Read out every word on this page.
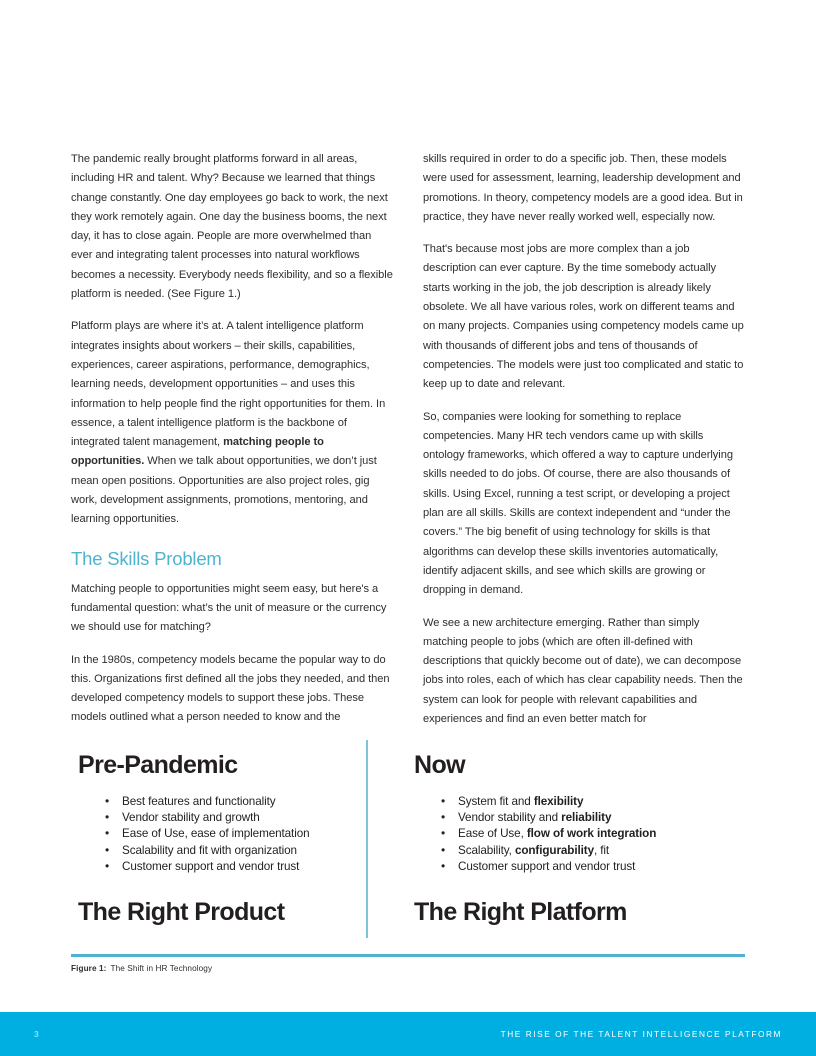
The pandemic really brought platforms forward in all areas, including HR and talent. Why? Because we learned that things change constantly. One day employees go back to work, the next they work remotely again. One day the business booms, the next day, it has to close again. People are more overwhelmed than ever and integrating talent processes into natural workflows becomes a necessity. Everybody needs flexibility, and so a flexible platform is needed. (See Figure 1.)

Platform plays are where it’s at. A talent intelligence platform integrates insights about workers – their skills, capabilities, experiences, career aspirations, performance, demographics, learning needs, development opportunities – and uses this information to help people find the right opportunities for them. In essence, a talent intelligence platform is the backbone of integrated talent management, matching people to opportunities. When we talk about opportunities, we don’t just mean open positions. Opportunities are also project roles, gig work, development assignments, promotions, mentoring, and learning opportunities.

The Skills Problem

Matching people to opportunities might seem easy, but here's a fundamental question: what’s the unit of measure or the currency we should use for matching?

In the 1980s, competency models became the popular way to do this. Organizations first defined all the jobs they needed, and then developed competency models to support these jobs. These models outlined what a person needed to know and the

skills required in order to do a specific job. Then, these models were used for assessment, learning, leadership development and promotions. In theory, competency models are a good idea. But in practice, they have never really worked well, especially now.

That's because most jobs are more complex than a job description can ever capture. By the time somebody actually starts working in the job, the job description is already likely obsolete. We all have various roles, work on different teams and on many projects. Companies using competency models came up with thousands of different jobs and tens of thousands of competencies. The models were just too complicated and static to keep up to date and relevant.

So, companies were looking for something to replace competencies. Many HR tech vendors came up with skills ontology frameworks, which offered a way to capture underlying skills needed to do jobs. Of course, there are also thousands of skills. Using Excel, running a test script, or developing a project plan are all skills. Skills are context independent and “under the covers.” The big benefit of using technology for skills is that algorithms can develop these skills inventories automatically, identify adjacent skills, and see which skills are growing or dropping in demand.

We see a new architecture emerging. Rather than simply matching people to jobs (which are often ill-defined with descriptions that quickly become out of date), we can decompose jobs into roles, each of which has clear capability needs. Then the system can look for people with relevant capabilities and experiences and find an even better match for

Pre-Pandemic
• Best features and functionality
• Vendor stability and growth
• Ease of Use, ease of implementation
• Scalability and fit with organization
• Customer support and vendor trust
The Right Product
Now
• System fit and flexibility
• Vendor stability and reliability
• Ease of Use, flow of work integration
• Scalability, configurability, fit
• Customer support and vendor trust
The Right Platform
Figure 1: The Shift in HR Technology
3	THE RISE OF THE TALENT INTELLIGENCE PLATFORM
